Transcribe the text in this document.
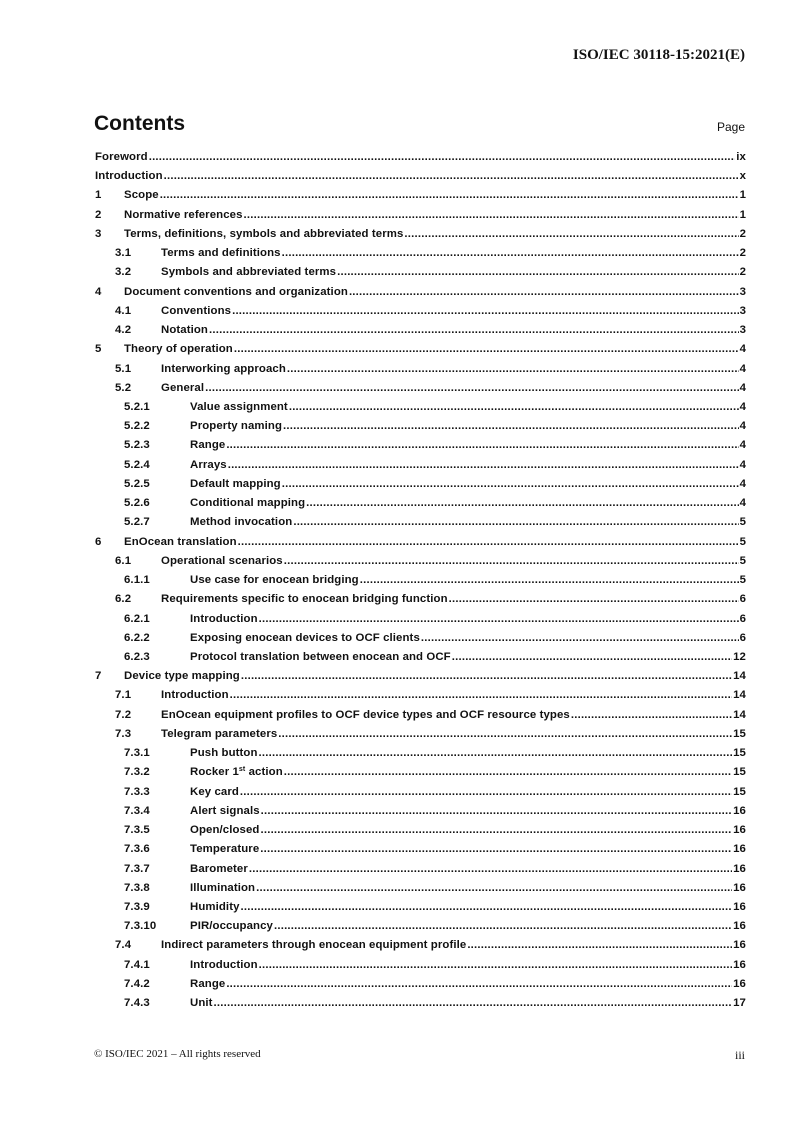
ISO/IEC 30118-15:2021(E)
Contents	Page
Foreword .....	ix
Introduction .....	x
1 Scope .....	1
2 Normative references .....	1
3 Terms, definitions, symbols and abbreviated terms .....	2
3.1	Terms and definitions .....	2
3.2	Symbols and abbreviated terms .....	2
4 Document conventions and organization .....	3
4.1	Conventions .....	3
4.2	Notation .....	3
5 Theory of operation .....	4
5.1	Interworking approach .....	4
5.2	General .....	4
5.2.1	Value assignment .....	4
5.2.2	Property naming .....	4
5.2.3	Range .....	4
5.2.4	Arrays .....	4
5.2.5	Default mapping .....	4
5.2.6	Conditional mapping .....	4
5.2.7	Method invocation .....	5
6 EnOcean translation .....	5
6.1	Operational scenarios .....	5
6.1.1	Use case for enocean bridging .....	5
6.2	Requirements specific to enocean bridging function .....	6
6.2.1	Introduction .....	6
6.2.2	Exposing enocean devices to OCF clients .....	6
6.2.3	Protocol translation between enocean and OCF .....	12
7 Device type mapping .....	14
7.1	Introduction .....	14
7.2	EnOcean equipment profiles to OCF device types and OCF resource types .....	14
7.3	Telegram parameters .....	15
7.3.1	Push button .....	15
7.3.2	Rocker 1st action .....	15
7.3.3	Key card .....	15
7.3.4	Alert signals .....	16
7.3.5	Open/closed .....	16
7.3.6	Temperature .....	16
7.3.7	Barometer .....	16
7.3.8	Illumination .....	16
7.3.9	Humidity .....	16
7.3.10	PIR/occupancy .....	16
7.4	Indirect parameters through enocean equipment profile .....	16
7.4.1	Introduction .....	16
7.4.2	Range .....	16
7.4.3	Unit .....	17
© ISO/IEC 2021 – All rights reserved	iii
